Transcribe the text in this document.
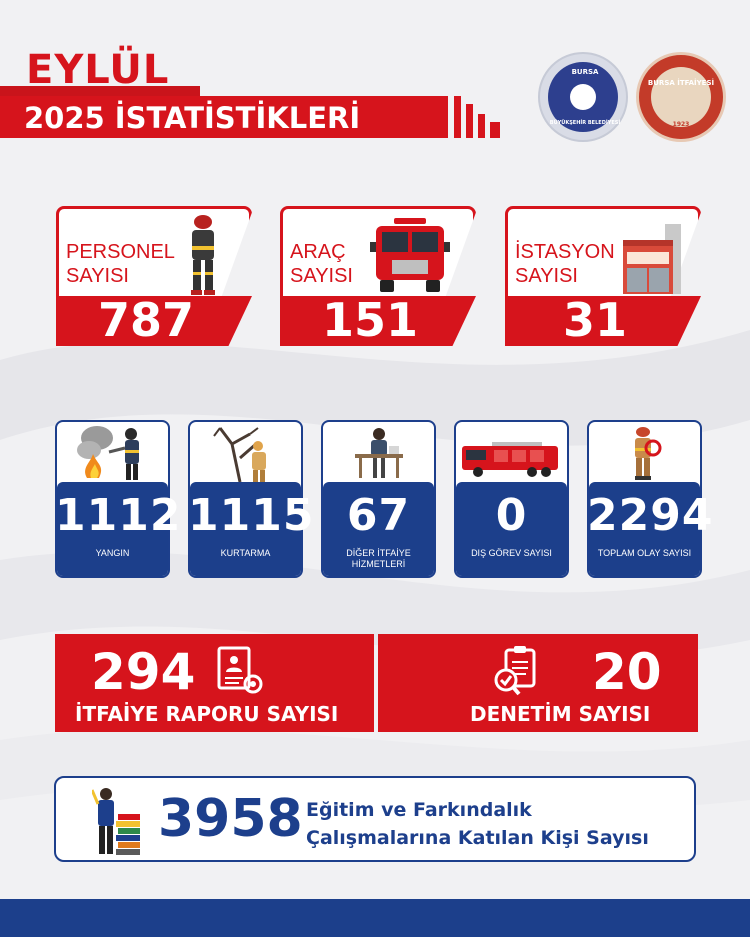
EYLÜL
2025 İSTATİSTİKLERİ
BURSA
BÜYÜKŞEHİR BELEDİYESİ
BURSA İTFAİYESİ
1923
PERSONEL SAYISI
787
ARAÇ SAYISI
151
İSTASYON SAYISI
31
1112
YANGIN
1115
KURTARMA
67
DİĞER İTFAİYE HİZMETLERİ
0
DIŞ GÖREV SAYISI
2294
TOPLAM OLAY SAYISI
294
İTFAİYE RAPORU SAYISI
20
DENETİM SAYISI
3958 Eğitim ve Farkındalık
Çalışmalarına Katılan Kişi Sayısı
